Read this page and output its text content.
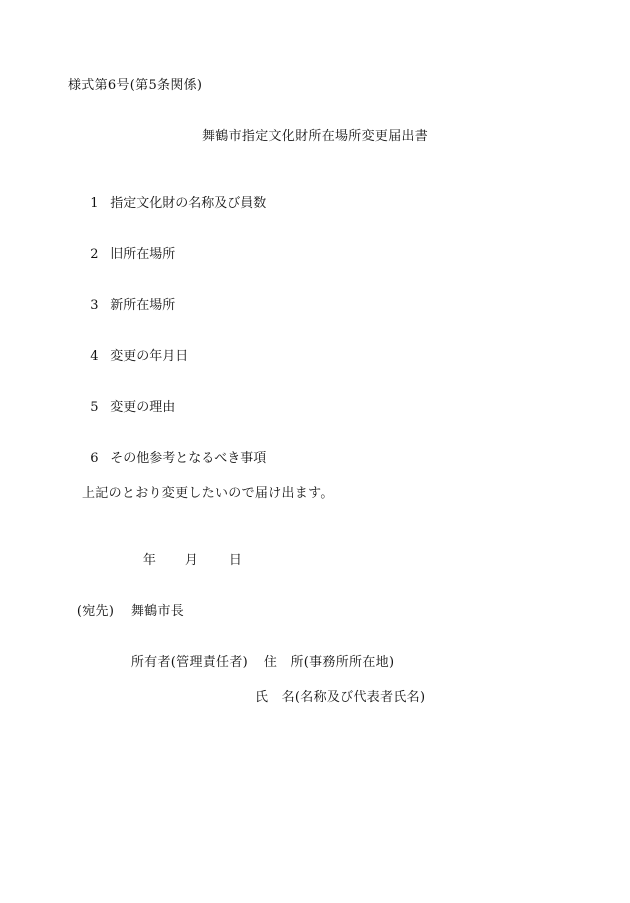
様式第6号(第5条関係)
舞鶴市指定文化財所在場所変更届出書

1 指定文化財の名称及び員数

2 旧所在場所

3 新所在場所

4 変更の年月日

5 変更の理由

6 その他参考となるべき事項

上記のとおり変更したいので届け出ます。

年 月 日

(宛先) 舞鶴市長

所有者(管理責任者) 住　所(事務所所在地)

氏　名(名称及び代表者氏名)
